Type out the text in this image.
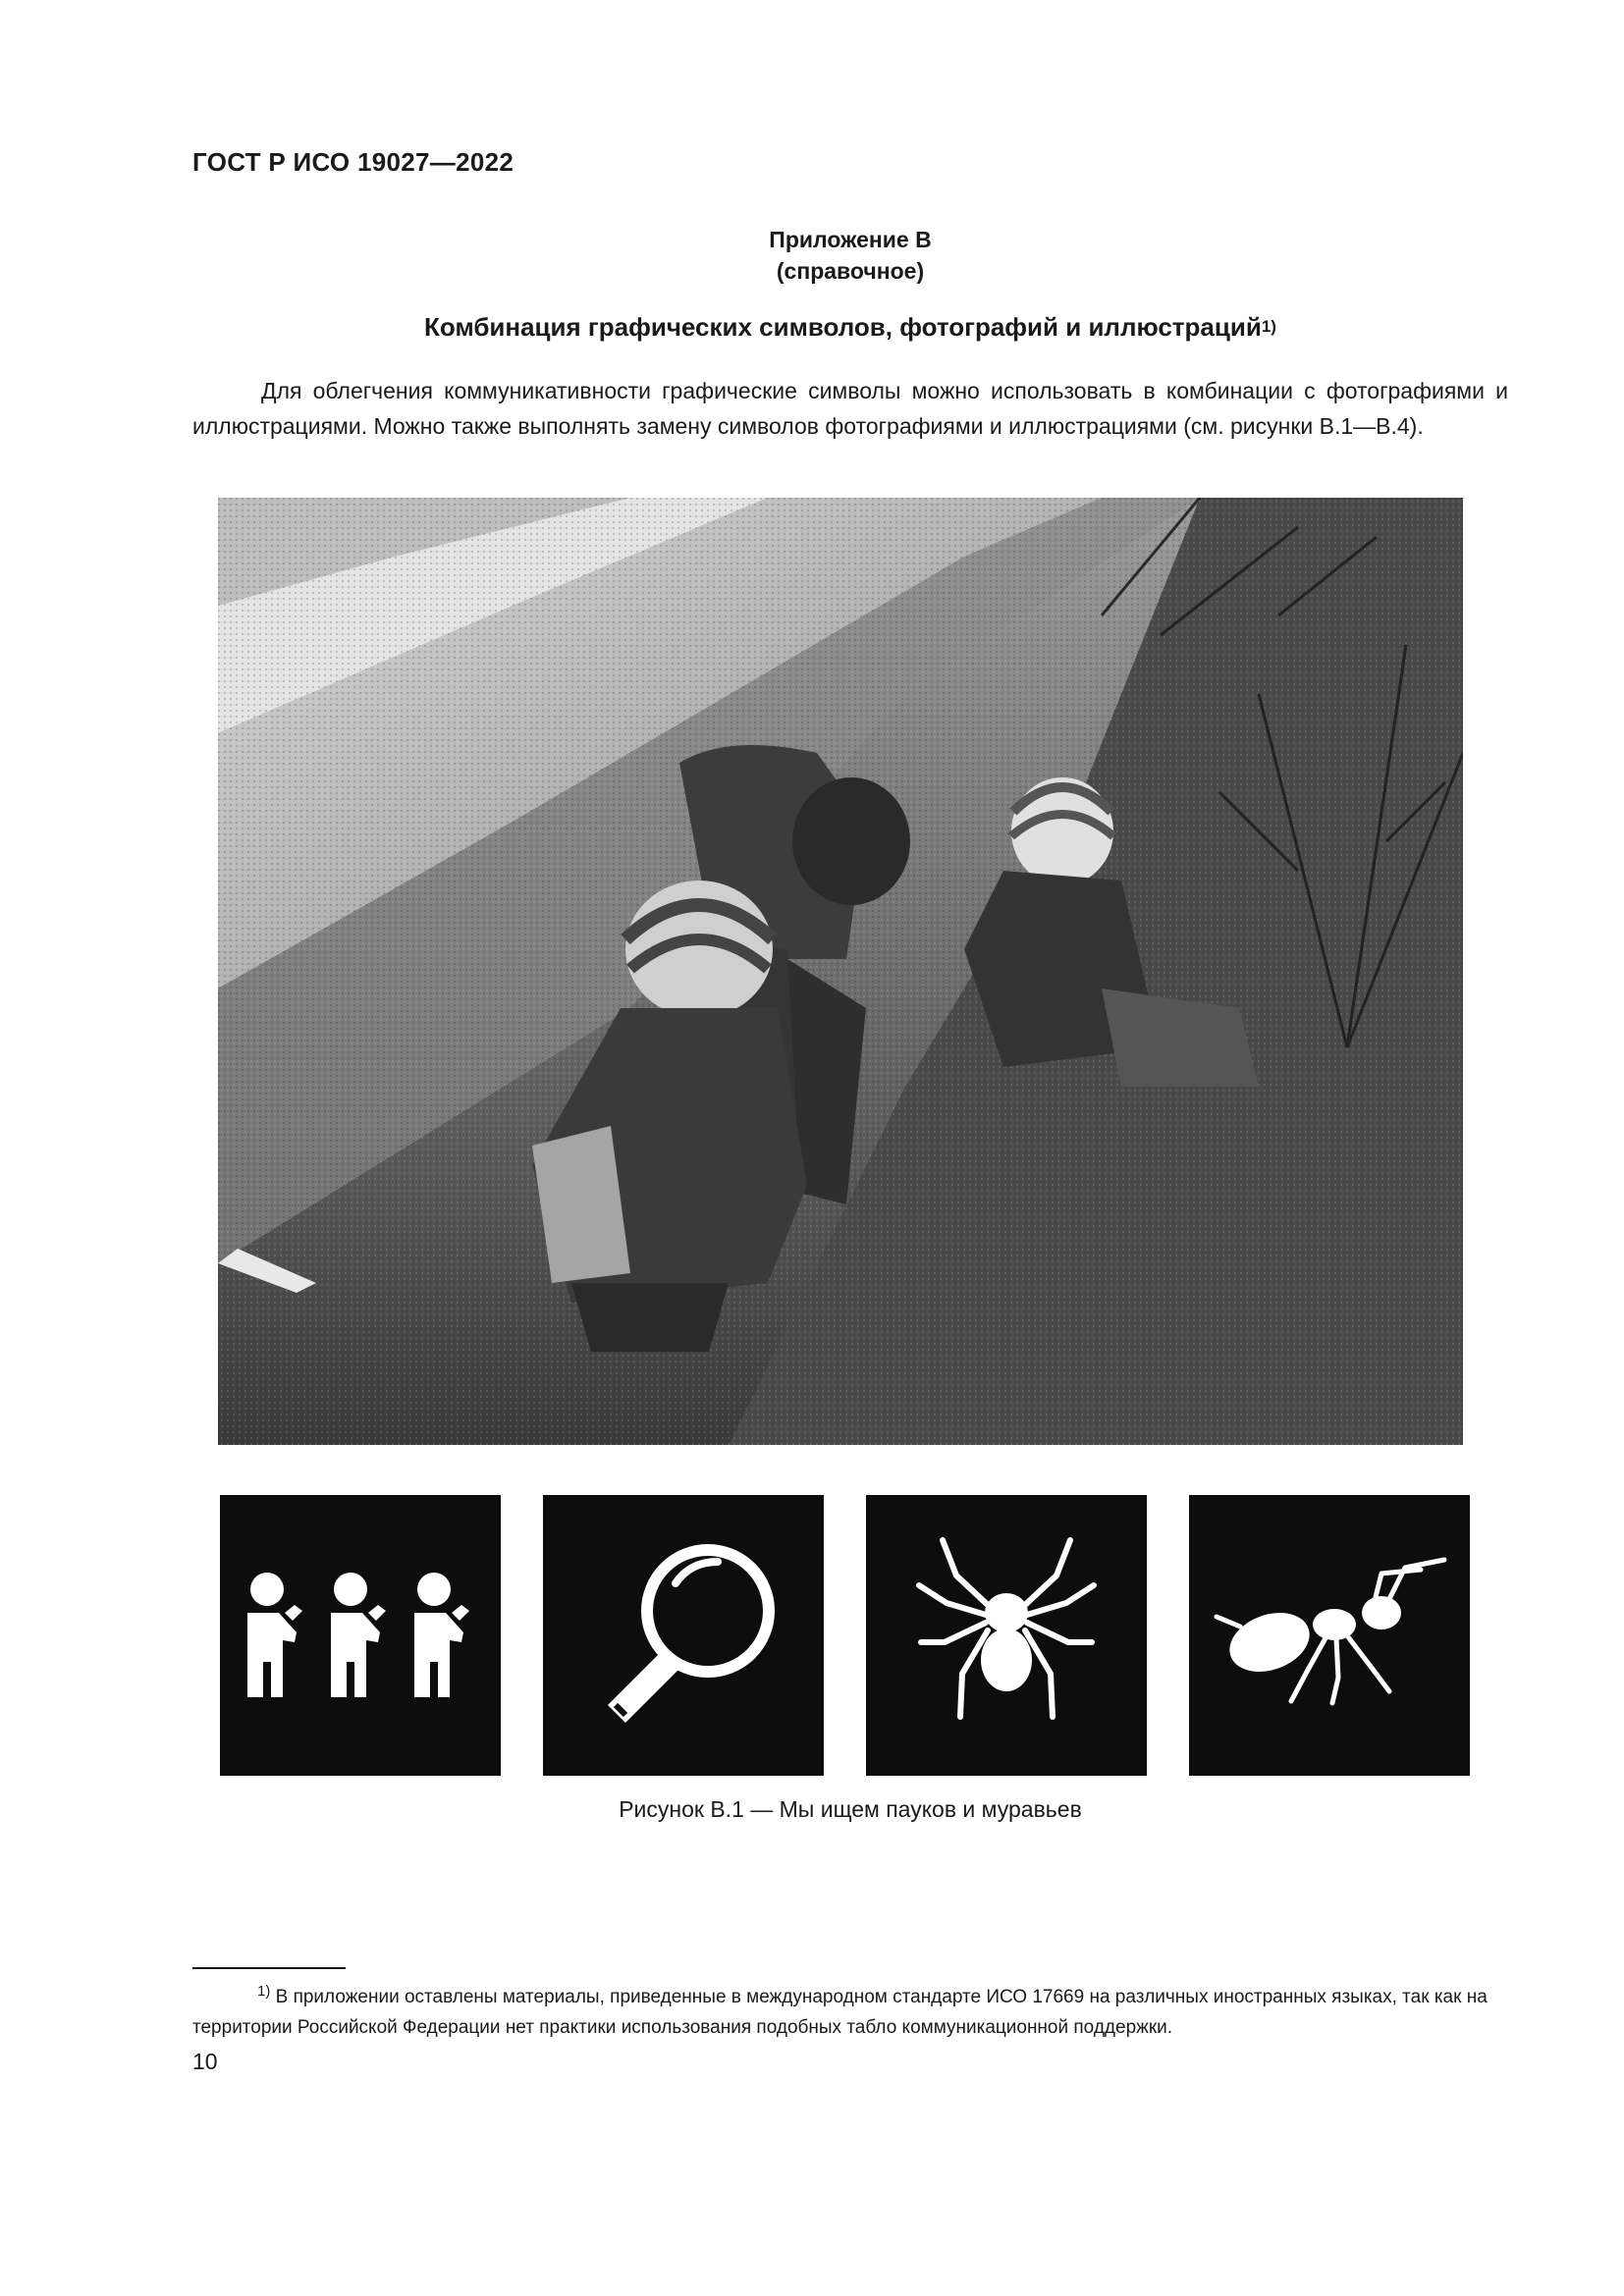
ГОСТ Р ИСО 19027—2022
Приложение В
(справочное)
Комбинация графических символов, фотографий и иллюстраций$^{1)}$

Для облегчения коммуникативности графические символы можно использовать в комбинации с фотографиями и иллюстрациями. Можно также выполнять замену символов фотографиями и иллюстрациями (см. рисунки В.1—В.4).

Рисунок В.1 — Мы ищем пауков и муравьев

$^{1)}$ В приложении оставлены материалы, приведенные в международном стандарте ИСО 17669 на различных иностранных языках, так как на территории Российской Федерации нет практики использования подобных табло коммуникационной поддержки.

10
